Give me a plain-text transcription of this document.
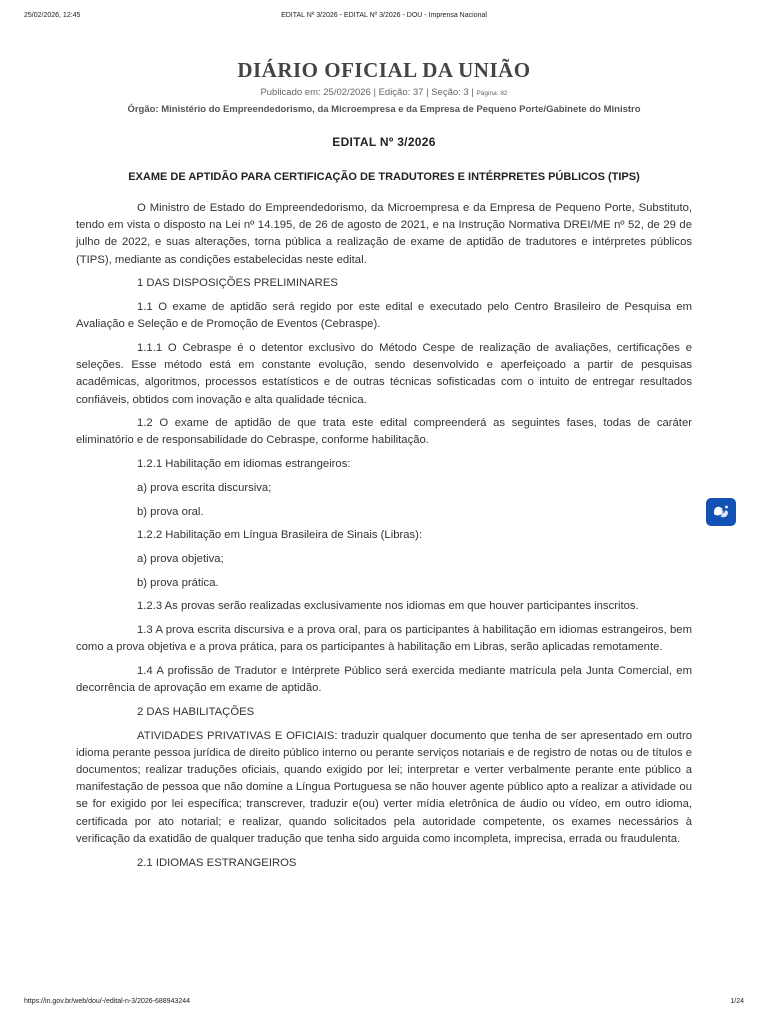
25/02/2026, 12:45	EDITAL Nº 3/2026 - EDITAL Nº 3/2026 - DOU - Imprensa Nacional
DIÁRIO OFICIAL DA UNIÃO
Publicado em: 25/02/2026 | Edição: 37 | Seção: 3 | Página: 82
Órgão: Ministério do Empreendedorismo, da Microempresa e da Empresa de Pequeno Porte/Gabinete do Ministro
EDITAL Nº 3/2026
EXAME DE APTIDÃO PARA CERTIFICAÇÃO DE TRADUTORES E INTÉRPRETES PÚBLICOS (TIPS)

O Ministro de Estado do Empreendedorismo, da Microempresa e da Empresa de Pequeno Porte, Substituto, tendo em vista o disposto na Lei nº 14.195, de 26 de agosto de 2021, e na Instrução Normativa DREI/ME nº 52, de 29 de julho de 2022, e suas alterações, torna pública a realização de exame de aptidão de tradutores e intérpretes públicos (TIPS), mediante as condições estabelecidas neste edital.

1 DAS DISPOSIÇÕES PRELIMINARES

1.1 O exame de aptidão será regido por este edital e executado pelo Centro Brasileiro de Pesquisa em Avaliação e Seleção e de Promoção de Eventos (Cebraspe).

1.1.1 O Cebraspe é o detentor exclusivo do Método Cespe de realização de avaliações, certificações e seleções. Esse método está em constante evolução, sendo desenvolvido e aperfeiçoado a partir de pesquisas acadêmicas, algoritmos, processos estatísticos e de outras técnicas sofisticadas com o intuito de entregar resultados confiáveis, obtidos com inovação e alta qualidade técnica.

1.2 O exame de aptidão de que trata este edital compreenderá as seguintes fases, todas de caráter eliminatório e de responsabilidade do Cebraspe, conforme habilitação.

1.2.1 Habilitação em idiomas estrangeiros:

a) prova escrita discursiva;

b) prova oral.

1.2.2 Habilitação em Língua Brasileira de Sinais (Libras):

a) prova objetiva;

b) prova prática.

1.2.3 As provas serão realizadas exclusivamente nos idiomas em que houver participantes inscritos.

1.3 A prova escrita discursiva e a prova oral, para os participantes à habilitação em idiomas estrangeiros, bem como a prova objetiva e a prova prática, para os participantes à habilitação em Libras, serão aplicadas remotamente.

1.4 A profissão de Tradutor e Intérprete Público será exercida mediante matrícula pela Junta Comercial, em decorrência de aprovação em exame de aptidão.

2 DAS HABILITAÇÕES

ATIVIDADES PRIVATIVAS E OFICIAIS: traduzir qualquer documento que tenha de ser apresentado em outro idioma perante pessoa jurídica de direito público interno ou perante serviços notariais e de registro de notas ou de títulos e documentos; realizar traduções oficiais, quando exigido por lei; interpretar e verter verbalmente perante ente público a manifestação de pessoa que não domine a Língua Portuguesa se não houver agente público apto a realizar a atividade ou se for exigido por lei específica; transcrever, traduzir e(ou) verter mídia eletrônica de áudio ou vídeo, em outro idioma, certificada por ato notarial; e realizar, quando solicitados pela autoridade competente, os exames necessários à verificação da exatidão de qualquer tradução que tenha sido arguida como incompleta, imprecisa, errada ou fraudulenta.

2.1 IDIOMAS ESTRANGEIROS

https://in.gov.br/web/dou/-/edital-n-3/2026-688943244	1/24
